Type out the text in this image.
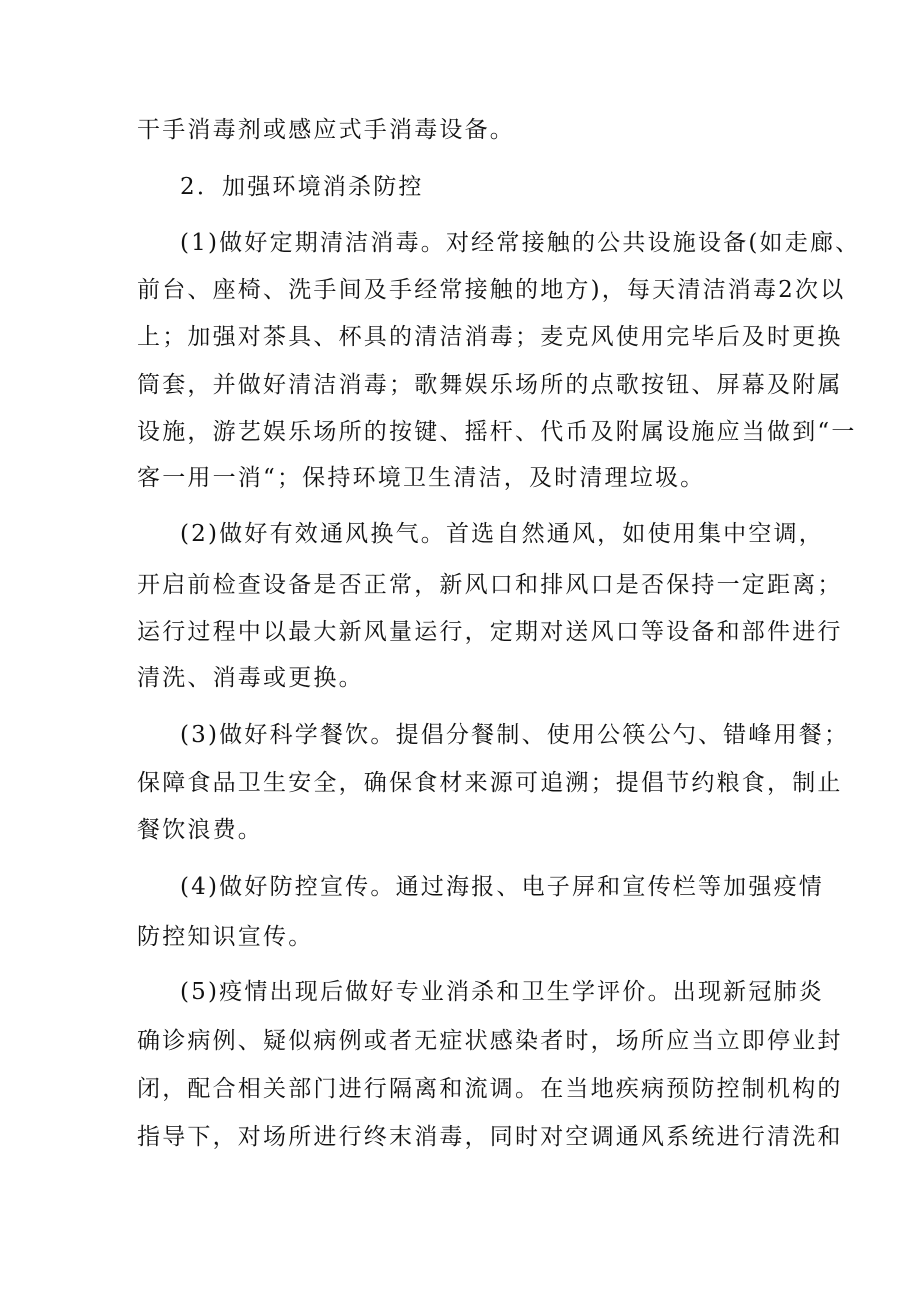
干手消毒剂或感应式手消毒设备。
2．加强环境消杀防控
(1)做好定期清洁消毒。对经常接触的公共设施设备(如走廊、
前台、座椅、洗手间及手经常接触的地方)，每天清洁消毒2次以
上；加强对茶具、杯具的清洁消毒；麦克风使用完毕后及时更换
筒套，并做好清洁消毒；歌舞娱乐场所的点歌按钮、屏幕及附属
设施，游艺娱乐场所的按键、摇杆、代币及附属设施应当做到“一
客一用一消“；保持环境卫生清洁，及时清理垃圾。
(2)做好有效通风换气。首选自然通风，如使用集中空调，
开启前检查设备是否正常，新风口和排风口是否保持一定距离；
运行过程中以最大新风量运行，定期对送风口等设备和部件进行
清洗、消毒或更换。
(3)做好科学餐饮。提倡分餐制、使用公筷公勺、错峰用餐；
保障食品卫生安全，确保食材来源可追溯；提倡节约粮食，制止
餐饮浪费。
(4)做好防控宣传。通过海报、电子屏和宣传栏等加强疫情
防控知识宣传。
(5)疫情出现后做好专业消杀和卫生学评价。出现新冠肺炎
确诊病例、疑似病例或者无症状感染者时，场所应当立即停业封
闭，配合相关部门进行隔离和流调。在当地疾病预防控制机构的
指导下，对场所进行终末消毒，同时对空调通风系统进行清洗和
